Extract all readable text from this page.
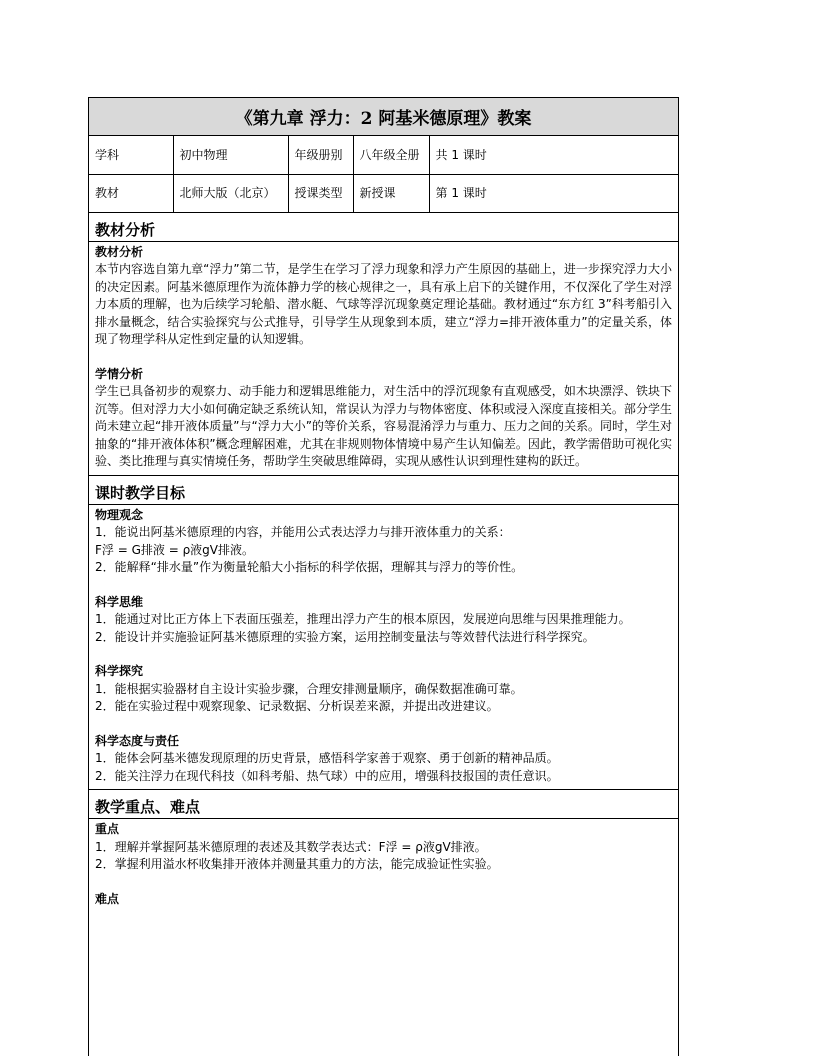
《第九章 浮力：2 阿基米德原理》教案
学科	初中物理	年级册别	八年级全册	共 1 课时
教材	北师大版（北京）	授课类型	新授课	第 1 课时
教材分析
教材分析

本节内容选自第九章“浮力”第二节，是学生在学习了浮力现象和浮力产生原因的基础上，进一步探究浮力大小的决定因素。阿基米德原理作为流体静力学的核心规律之一，具有承上启下的关键作用，不仅深化了学生对浮力本质的理解，也为后续学习轮船、潜水艇、气球等浮沉现象奠定理论基础。教材通过“东方红 3”科考船引入排水量概念，结合实验探究与公式推导，引导学生从现象到本质，建立“浮力=排开液体重力”的定量关系，体现了物理学科从定性到定量的认知逻辑。

学情分析

学生已具备初步的观察力、动手能力和逻辑思维能力，对生活中的浮沉现象有直观感受，如木块漂浮、铁块下沉等。但对浮力大小如何确定缺乏系统认知，常误认为浮力与物体密度、体积或浸入深度直接相关。部分学生尚未建立起“排开液体质量”与“浮力大小”的等价关系，容易混淆浮力与重力、压力之间的关系。同时，学生对抽象的“排开液体体积”概念理解困难，尤其在非规则物体情境中易产生认知偏差。因此，教学需借助可视化实验、类比推理与真实情境任务，帮助学生突破思维障碍，实现从感性认识到理性建构的跃迁。

课时教学目标
物理观念

1．能说出阿基米德原理的内容，并能用公式表达浮力与排开液体重力的关系：

F浮 = G排液 = ρ液gV排液。

2．能解释“排水量”作为衡量轮船大小指标的科学依据，理解其与浮力的等价性。

科学思维

1．能通过对比正方体上下表面压强差，推理出浮力产生的根本原因，发展逆向思维与因果推理能力。

2．能设计并实施验证阿基米德原理的实验方案，运用控制变量法与等效替代法进行科学探究。

科学探究

1．能根据实验器材自主设计实验步骤，合理安排测量顺序，确保数据准确可靠。

2．能在实验过程中观察现象、记录数据、分析误差来源，并提出改进建议。

科学态度与责任

1．能体会阿基米德发现原理的历史背景，感悟科学家善于观察、勇于创新的精神品质。

2．能关注浮力在现代科技（如科考船、热气球）中的应用，增强科技报国的责任意识。

教学重点、难点
重点

1．理解并掌握阿基米德原理的表述及其数学表达式：F浮 = ρ液gV排液。

2．掌握利用溢水杯收集排开液体并测量其重力的方法，能完成验证性实验。

难点
